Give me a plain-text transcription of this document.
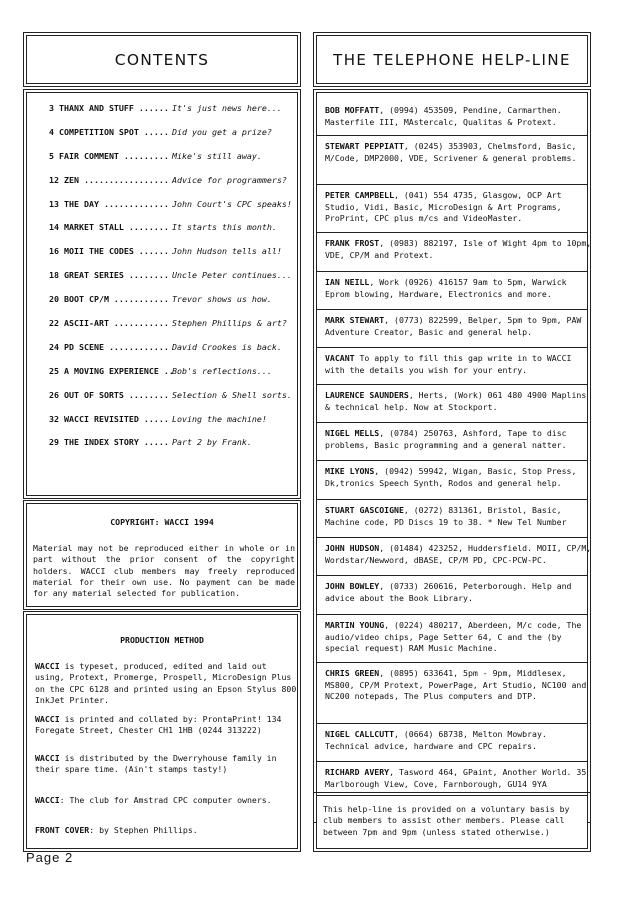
CONTENTS
3 THANX AND STUFF ...... It's just news here...
4 COMPETITION SPOT ..... Did you get a prize?
5 FAIR COMMENT ......... Mike's still away.
12 ZEN ................. Advice for programmers?
13 THE DAY ............. John Court's CPC speaks!
14 MARKET STALL ........ It starts this month.
16 MOII THE CODES ...... John Hudson tells all!
18 GREAT SERIES ........ Uncle Peter continues...
20 BOOT CP/M ........... Trevor shows us how.
22 ASCII-ART ........... Stephen Phillips & art?
24 PD SCENE ............ David Crookes is back.
25 A MOVING EXPERIENCE ..
Bob's reflections...
26 OUT OF SORTS ........ Selection & Shell sorts.
32 WACCI REVISITED ..... Loving the machine!
29 THE INDEX STORY ..... Part 2 by Frank.
COPYRIGHT: WACCI 1994
Material may not be reproduced either in whole or in part without the prior consent of the copyright holders. WACCI club members may freely reproduced material for their own use. No payment can be made for any material selected for publication.
PRODUCTION METHOD
WACCI is typeset, produced, edited and laid out using, Protext, Promerge, Prospell, MicroDesign Plus on the CPC 6128 and printed using an Epson Stylus 800 InkJet Printer.
WACCI is printed and collated by: ProntaPrint! 134 Foregate Street, Chester CH1 1HB (0244 313222)
WACCI is distributed by the Dwerryhouse family in their spare time. (Ain't stamps tasty!)
WACCI: The club for Amstrad CPC computer owners.
FRONT COVER: by Stephen Phillips.
THE TELEPHONE HELP-LINE
BOB MOFFATT, (0994) 453509, Pendine, Carmarthen. Masterfile III, MAstercalc, Qualitas & Protext.
STEWART PEPPIATT, (0245) 353903, Chelmsford, Basic, M/Code, DMP2000, VDE, Scrivener & general problems.
PETER CAMPBELL, (041) 554 4735, Glasgow, OCP Art Studio, Vidi, Basic, MicroDesign & Art Programs, ProPrint, CPC plus m/cs and VideoMaster.
FRANK FROST, (0983) 882197, Isle of Wight 4pm to 10pm, VDE, CP/M and Protext.
IAN NEILL, Work (0926) 416157 9am to 5pm, Warwick Eprom blowing, Hardware, Electronics and more.
MARK STEWART, (0773) 822599, Belper, 5pm to 9pm, PAW Adventure Creator, Basic and general help.
VACANT To apply to fill this gap write in to WACCI with the details you wish for your entry.
LAURENCE SAUNDERS, Herts, (Work) 061 480 4900 Maplins & technical help. Now at Stockport.
NIGEL MELLS, (0784) 250763, Ashford, Tape to disc problems, Basic programming and a general natter.
MIKE LYONS, (0942) 59942, Wigan, Basic, Stop Press, Dk,tronics Speech Synth, Rodos and general help.
STUART GASCOIGNE, (0272) 831361, Bristol, Basic, Machine code, PD Discs 19 to 38. * New Tel Number
JOHN HUDSON, (01484) 423252, Huddersfield. MOII, CP/M, Wordstar/Newword, dBASE, CP/M PD, CPC-PCW-PC.
JOHN BOWLEY, (0733) 260616, Peterborough. Help and advice about the Book Library.
MARTIN YOUNG, (0224) 480217, Aberdeen, M/c code, The audio/video chips, Page Setter 64, C and the (by special request) RAM Music Machine.
CHRIS GREEN, (0895) 633641, 5pm - 9pm, Middlesex, MS800, CP/M Protext, PowerPage, Art Studio, NC100 and NC200 notepads, The Plus computers and DTP.
NIGEL CALLCUTT, (0664) 68738, Melton Mowbray. Technical advice, hardware and CPC repairs.
RICHARD AVERY, Tasword 464, GPaint, Another World. 35 Marlborough View, Cove, Farnborough, GU14 9YA
This help-line is provided on a voluntary basis by club members to assist other members. Please call between 7pm and 9pm (unless stated otherwise.)
Page 2
